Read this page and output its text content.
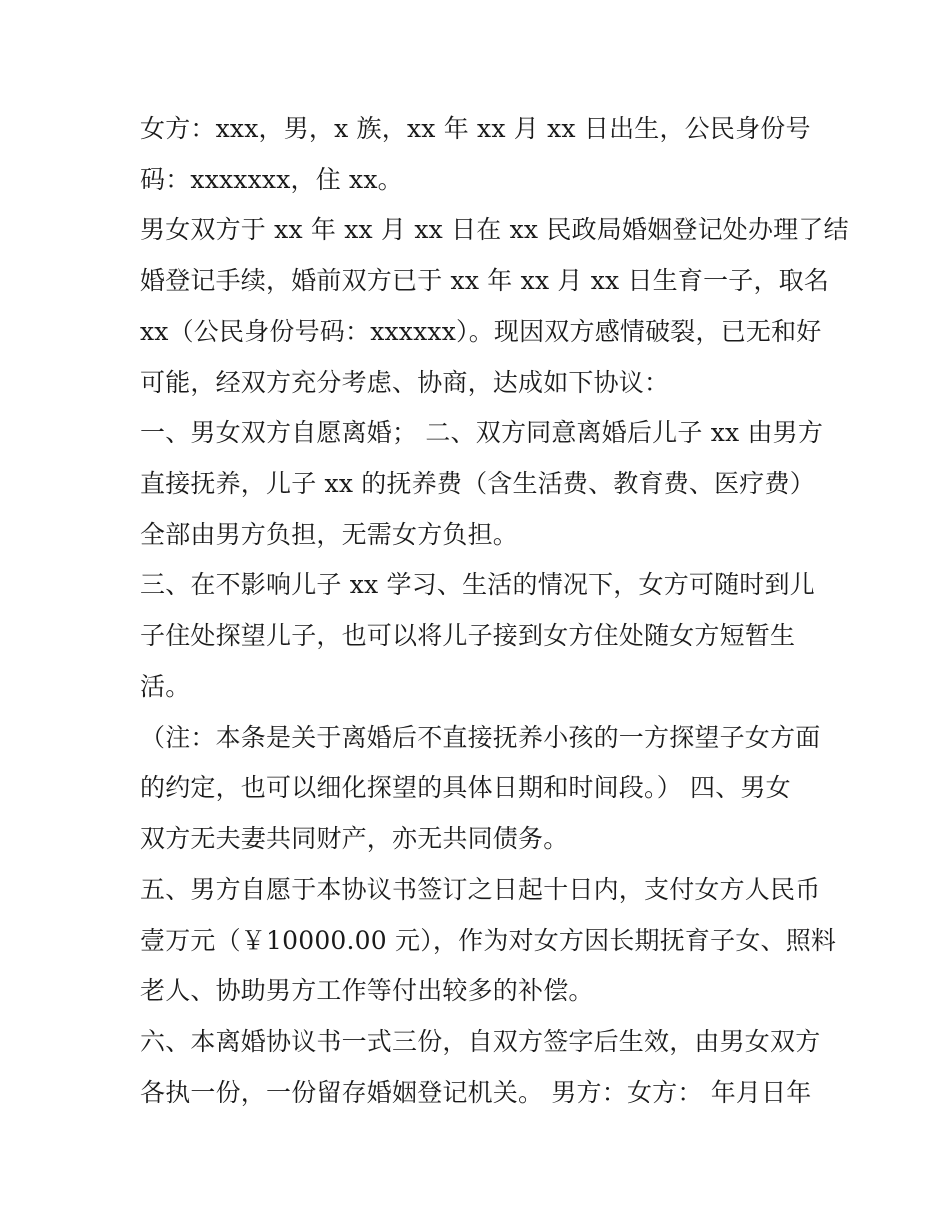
女方：xxx，男，x 族，xx 年 xx 月 xx 日出生，公民身份号

码：xxxxxxx，住 xx。

男女双方于 xx 年 xx 月 xx 日在 xx 民政局婚姻登记处办理了结

婚登记手续，婚前双方已于 xx 年 xx 月 xx 日生育一子，取名

xx（公民身份号码：xxxxxx）。现因双方感情破裂，已无和好

可能，经双方充分考虑、协商，达成如下协议：

一、男女双方自愿离婚； 二、双方同意离婚后儿子 xx 由男方

直接抚养，儿子 xx 的抚养费（含生活费、教育费、医疗费）

全部由男方负担，无需女方负担。

三、在不影响儿子 xx 学习、生活的情况下，女方可随时到儿

子住处探望儿子，也可以将儿子接到女方住处随女方短暂生

活。

（注：本条是关于离婚后不直接抚养小孩的一方探望子女方面

的约定，也可以细化探望的具体日期和时间段。） 四、男女

双方无夫妻共同财产，亦无共同债务。

五、男方自愿于本协议书签订之日起十日内，支付女方人民币

壹万元（￥10000.00 元），作为对女方因长期抚育子女、照料

老人、协助男方工作等付出较多的补偿。

六、本离婚协议书一式三份，自双方签字后生效，由男女双方

各执一份，一份留存婚姻登记机关。 男方：女方： 年月日年
